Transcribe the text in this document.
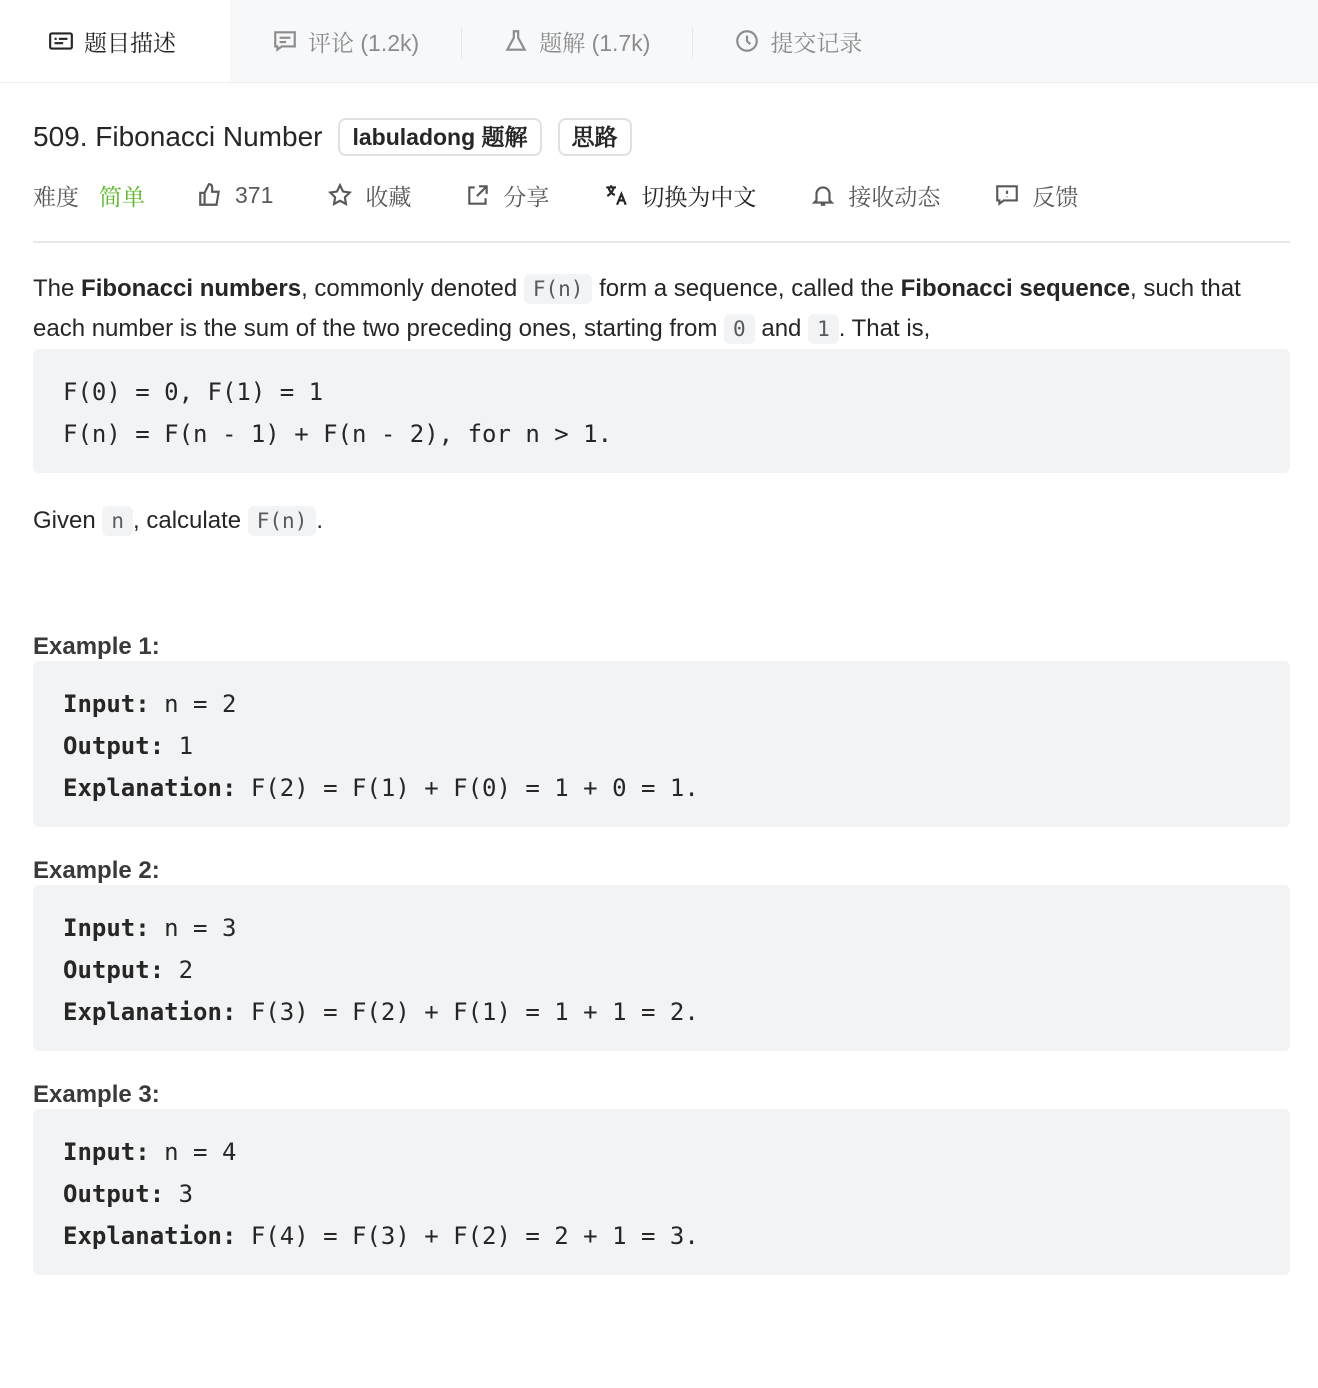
题目描述	评论 (1.2k)	题解 (1.7k)	提交记录
509. Fibonacci Number	labuladong 题解	思路
难度 简单	371	收藏	分享	切换为中文	接收动态	反馈
The Fibonacci numbers, commonly denoted F(n) form a sequence, called the Fibonacci sequence, such that each number is the sum of the two preceding ones, starting from 0 and 1 . That is,
F(0) = 0, F(1) = 1
F(n) = F(n - 1) + F(n - 2), for n > 1.
Given n , calculate F(n) .
Example 1:
Input: n = 2
Output: 1
Explanation: F(2) = F(1) + F(0) = 1 + 0 = 1.
Example 2:
Input: n = 3
Output: 2
Explanation: F(3) = F(2) + F(1) = 1 + 1 = 2.
Example 3:
Input: n = 4
Output: 3
Explanation: F(4) = F(3) + F(2) = 2 + 1 = 3.
